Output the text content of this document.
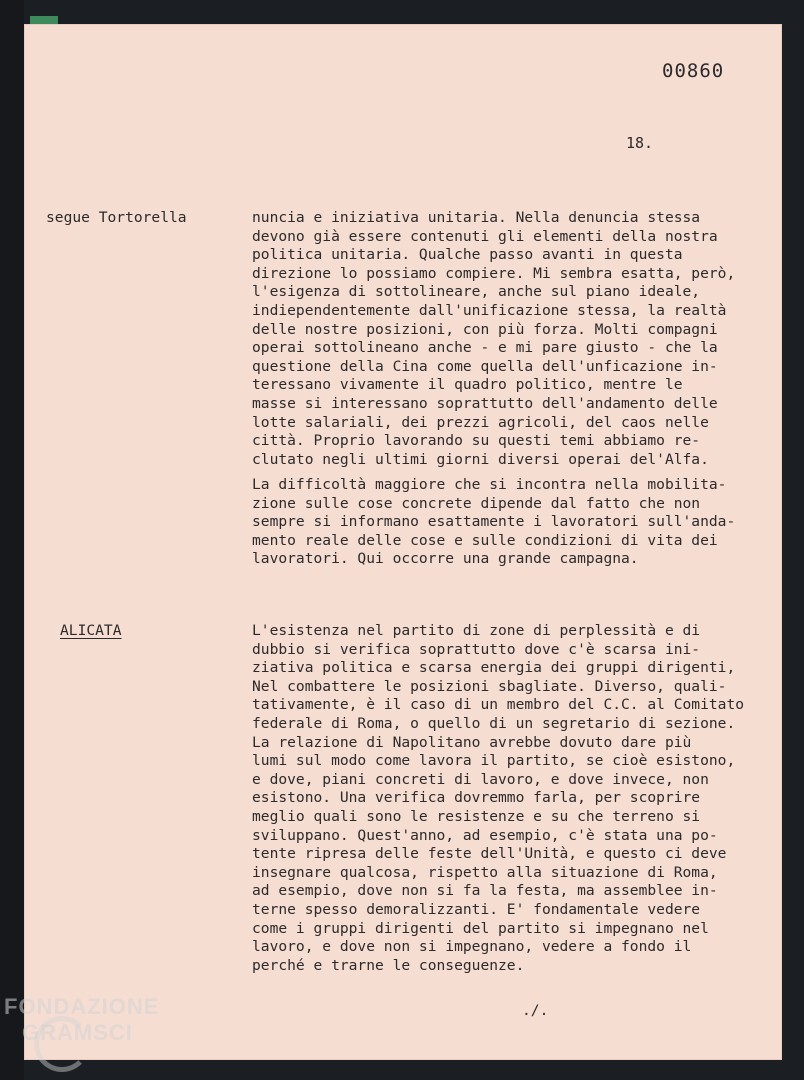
00860
18.
segue Tortorella	nuncia e iniziativa unitaria. Nella denuncia stessa
devono già essere contenuti gli elementi della nostra
politica unitaria. Qualche passo avanti in questa
direzione lo possiamo compiere. Mi sembra esatta, però,
l'esigenza di sottolineare, anche sul piano ideale,
indiependentemente dall'unificazione stessa, la realtà
delle nostre posizioni, con più forza. Molti compagni
operai sottolineano anche - e mi pare giusto - che la
questione della Cina come quella dell'unficazione in-
teressano vivamente il quadro politico, mentre le
masse si interessano soprattutto dell'andamento delle
lotte salariali, dei prezzi agricoli, del caos nelle
città. Proprio lavorando su questi temi abbiamo re-
clutato negli ultimi giorni diversi operai del'Alfa.
La difficoltà maggiore che si incontra nella mobilita-
zione sulle cose concrete dipende dal fatto che non
sempre si informano esattamente i lavoratori sull'anda-
mento reale delle cose e sulle condizioni di vita dei
lavoratori. Qui occorre una grande campagna.
ALICATA	L'esistenza nel partito di zone di perplessità e di
dubbio si verifica soprattutto dove c'è scarsa ini-
ziativa politica e scarsa energia dei gruppi dirigenti,
Nel combattere le posizioni sbagliate. Diverso, quali-
tativamente, è il caso di un membro del C.C. al Comitato
federale di Roma, o quello di un segretario di sezione.
La relazione di Napolitano avrebbe dovuto dare più
lumi sul modo come lavora il partito, se cioè esistono,
e dove, piani concreti di lavoro, e dove invece, non
esistono. Una verifica dovremmo farla, per scoprire
meglio quali sono le resistenze e su che terreno si
sviluppano. Quest'anno, ad esempio, c'è stata una po-
tente ripresa delle feste dell'Unità, e questo ci deve
insegnare qualcosa, rispetto alla situazione di Roma,
ad esempio, dove non si fa la festa, ma assemblee in-
terne spesso demoralizzanti. E' fondamentale vedere
come i gruppi dirigenti del partito si impegnano nel
lavoro, e dove non si impegnano, vedere a fondo il
perché e trarne le conseguenze.
./.
FONDAZIONE
GRAMSCI
